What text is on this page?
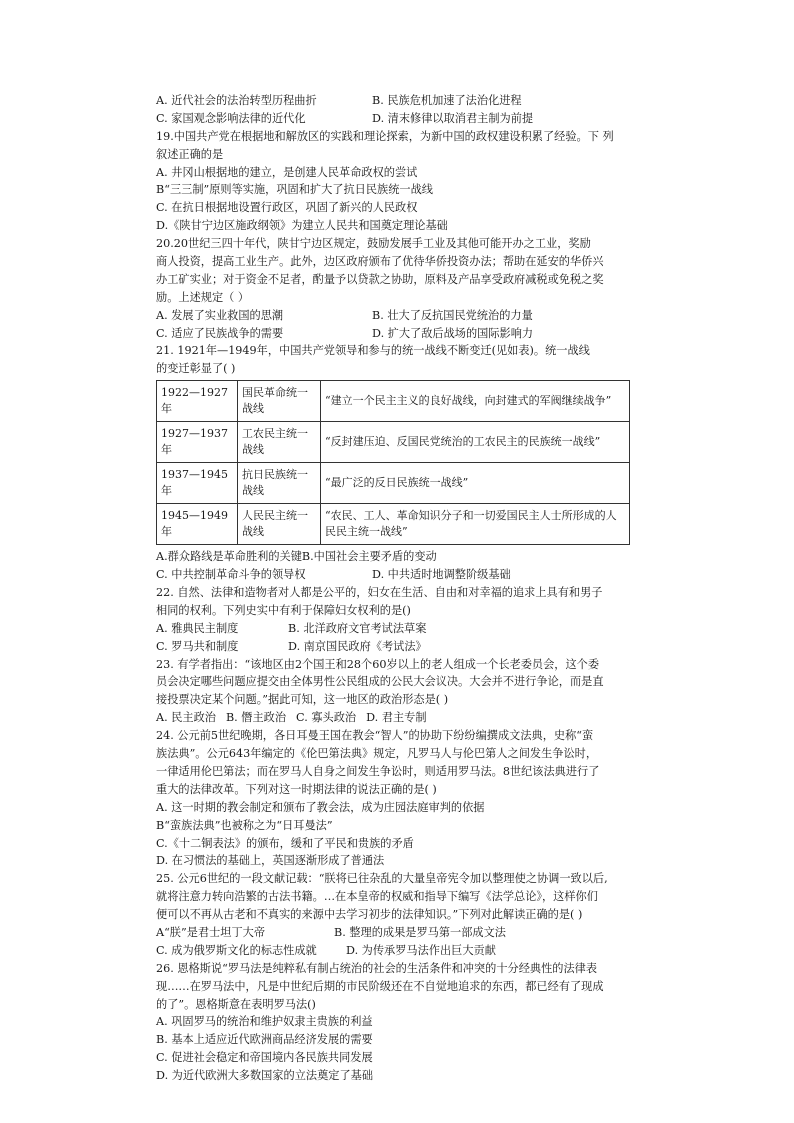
A. 近代社会的法治转型历程曲折	B. 民族危机加速了法治化进程
C. 家国观念影响法律的近代化	D. 清末修律以取消君主制为前提
19.中国共产党在根据地和解放区的实践和理论探索，为新中国的政权建设积累了经验。下 列
叙述正确的是
A. 井冈山根据地的建立，是创建人民革命政权的尝试
B“三三制”原则等实施，巩固和扩大了抗日民族统一战线
C. 在抗日根据地设置行政区，巩固了新兴的人民政权
D.《陕甘宁边区施政纲领》为建立人民共和国奠定理论基础
20.20世纪三四十年代，陕甘宁边区规定，鼓励发展手工业及其他可能开办之工业，奖励
商人投资，提高工业生产。此外，边区政府颁布了优待华侨投资办法；帮助在延安的华侨兴
办工矿实业；对于资金不足者，酌量予以贷款之协助，原料及产品享受政府减税或免税之奖
励。上述规定（ ）
A. 发展了实业救国的思潮	B. 壮大了反抗国民党统治的力量
C. 适应了民族战争的需要	D. 扩大了敌后战场的国际影响力
21. 1921年—1949年，中国共产党领导和参与的统一战线不断变迁(见如表)。统一战线
的变迁彰显了( )
1922—1927年	国民革命统一战线	“建立一个民主主义的良好战线，向封建式的军阀继续战争”
1927—1937年	工农民主统一战线	“反封建压迫、反国民党统治的工农民主的民族统一战线”
1937—1945年	抗日民族统一战线	“最广泛的反日民族统一战线”
1945—1949年	人民民主统一战线	“农民、工人、革命知识分子和一切爱国民主人士所形成的人民民主统一战线”
A.群众路线是革命胜利的关键B.中国社会主要矛盾的变动
C. 中共控制革命斗争的领导权	D. 中共适时地调整阶级基础
22. 自然、法律和造物者对人都是公平的，妇女在生活、自由和对幸福的追求上具有和男子
相同的权利。下列史实中有利于保障妇女权利的是()
A. 雅典民主制度	B. 北洋政府文官考试法草案
C. 罗马共和制度	D. 南京国民政府《考试法》
23. 有学者指出：“该地区由2个国王和28个60岁以上的老人组成一个长老委员会，这个委
员会决定哪些问题应提交由全体男性公民组成的公民大会议决。大会并不进行争论，而是直
接投票决定某个问题。”据此可知，这一地区的政治形态是( )
A. 民主政治 B. 僭主政治 C. 寡头政治 D. 君主专制
24. 公元前5世纪晚期，各日耳曼王国在教会“智人”的协助下纷纷编撰成文法典，史称“蛮
族法典”。公元643年编定的《伦巴第法典》规定，凡罗马人与伦巴第人之间发生争讼时，
一律适用伦巴第法；而在罗马人自身之间发生争讼时，则适用罗马法。8世纪该法典进行了
重大的法律改革。下列对这一时期法律的说法正确的是( )
A. 这一时期的教会制定和颁布了教会法，成为庄园法庭审判的依据
B“蛮族法典”也被称之为“日耳曼法”
C.《十二铜表法》的颁布，缓和了平民和贵族的矛盾
D. 在习惯法的基础上，英国逐渐形成了普通法
25. 公元6世纪的一段文献记载：“朕将已往杂乱的大量皇帝宪令加以整理使之协调一致以后,
就将注意力转向浩繁的古法书籍。…在本皇帝的权威和指导下编写《法学总论》，这样你们
便可以不再从古老和不真实的来源中去学习初步的法律知识。”下列对此解读正确的是( )
A“朕”是君士坦丁大帝	B. 整理的成果是罗马第一部成文法
C. 成为俄罗斯文化的标志性成就	D. 为传承罗马法作出巨大贡献
26. 恩格斯说“罗马法是纯粹私有制占统治的社会的生活条件和冲突的十分经典性的法律表
现……在罗马法中，凡是中世纪后期的市民阶级还在不自觉地追求的东西，都已经有了现成
的了”。恩格斯意在表明罗马法()
A. 巩固罗马的统治和维护奴隶主贵族的利益
B. 基本上适应近代欧洲商品经济发展的需要
C. 促进社会稳定和帝国境内各民族共同发展
D. 为近代欧洲大多数国家的立法奠定了基础
